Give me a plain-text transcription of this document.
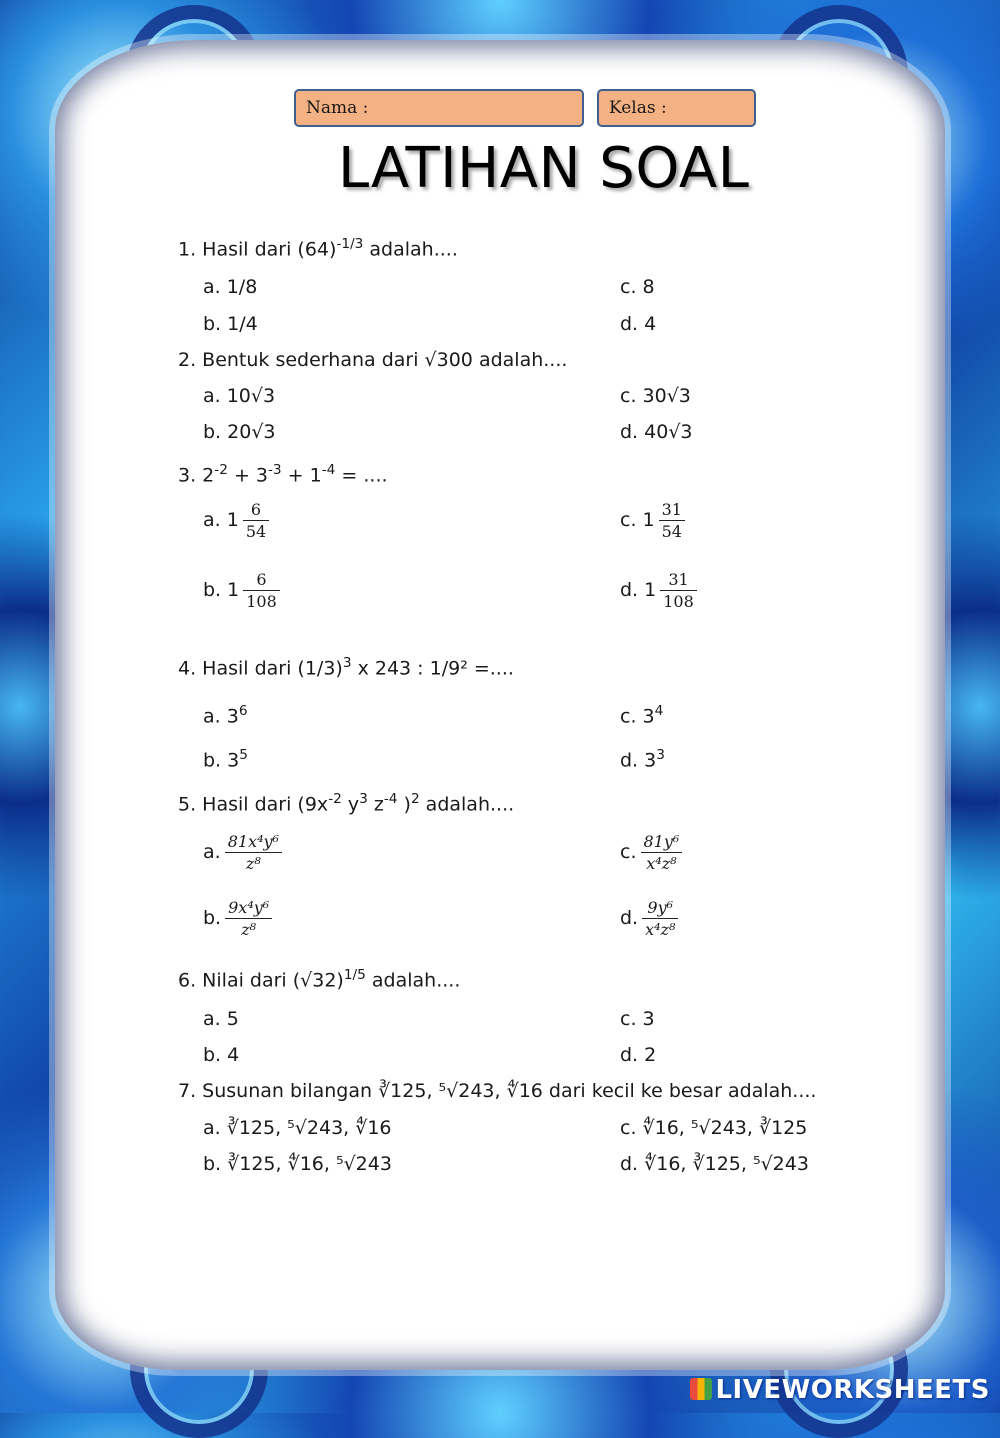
Nama :	Kelas :
LATIHAN SOAL
1. Hasil dari $(64)^{-1/3}$ adalah....
a. 1/8	c. 8
b. 1/4	d. 4
2. Bentuk sederhana dari √300 adalah....
a. 10√3	c. 30√3
b. 20√3	d. 40√3
3. $2^{-2} + 3^{-3} + 1^{-4}$ = ....
a. $1 \frac{6}{54}$	c. $1 \frac{31}{54}$
b. $1 \frac{6}{108}$	d. $1 \frac{31}{108}$
4. Hasil dari $(1/3)^3$ x 243 : 1/9² =....
a. $3^6$	c. $3^4$
b. $3^5$	d. $3^3$
5. Hasil dari ($9x^{-2}$ $y^3$ $z^{-4}$ )$^2$ adalah....
a. $\frac{\text{81x⁴y⁶}}{\text{z⁸}}$	c. $\frac{\text{81y⁶}}{\text{x⁴z⁸}}$
b. $\frac{\text{9x⁴y⁶}}{\text{z⁸}}$	d. $\frac{\text{9y⁶}}{\text{x⁴z⁸}}$
6. Nilai dari $(√32)^{1/5}$ adalah....
a. 5	c. 3
b. 4	d. 2
7. Susunan bilangan ∛125, ⁵√243, ∜16 dari kecil ke besar adalah....
a. ∛125, ⁵√243, ∜16	c. ∜16, ⁵√243, ∛125
b. ∛125, ∜16, ⁵√243	d. ∜16, ∛125, ⁵√243
LIVEWORKSHEETS
